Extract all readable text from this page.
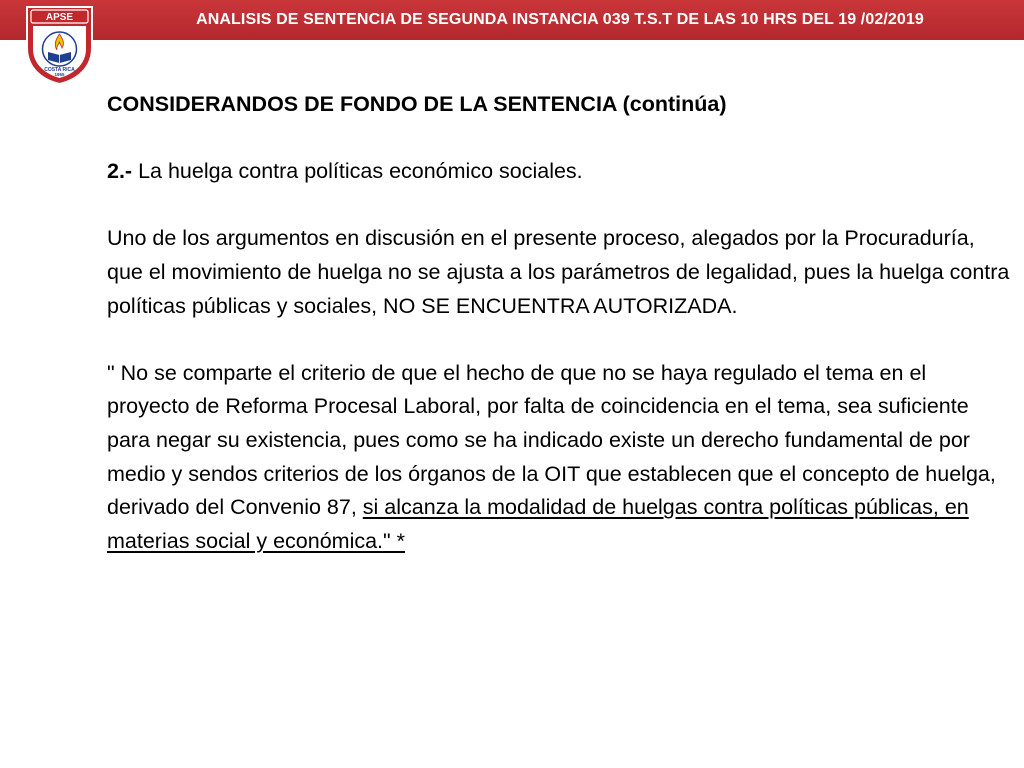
ANALISIS DE SENTENCIA DE SEGUNDA INSTANCIA 039 T.S.T DE LAS 10 HRS DEL 19 /02/2019
APSE
COSTA RICA
1955

CONSIDERANDOS DE FONDO DE LA SENTENCIA (continúa)

2.- La huelga contra políticas económico sociales.

Uno de los argumentos en discusión en el presente proceso, alegados por la Procuraduría, que el movimiento de huelga no se ajusta a los parámetros de legalidad, pues la huelga contra políticas públicas y sociales, NO SE ENCUENTRA AUTORIZADA.

" No se comparte el criterio de que el hecho de que no se haya regulado el tema en el proyecto de Reforma Procesal Laboral, por falta de coincidencia en el tema, sea suficiente para negar su existencia, pues como se ha indicado existe un derecho fundamental de por medio y sendos criterios de los órganos de la OIT que establecen que el concepto de huelga, derivado del Convenio 87, si alcanza la modalidad de huelgas contra políticas públicas, en materias social y económica." *
